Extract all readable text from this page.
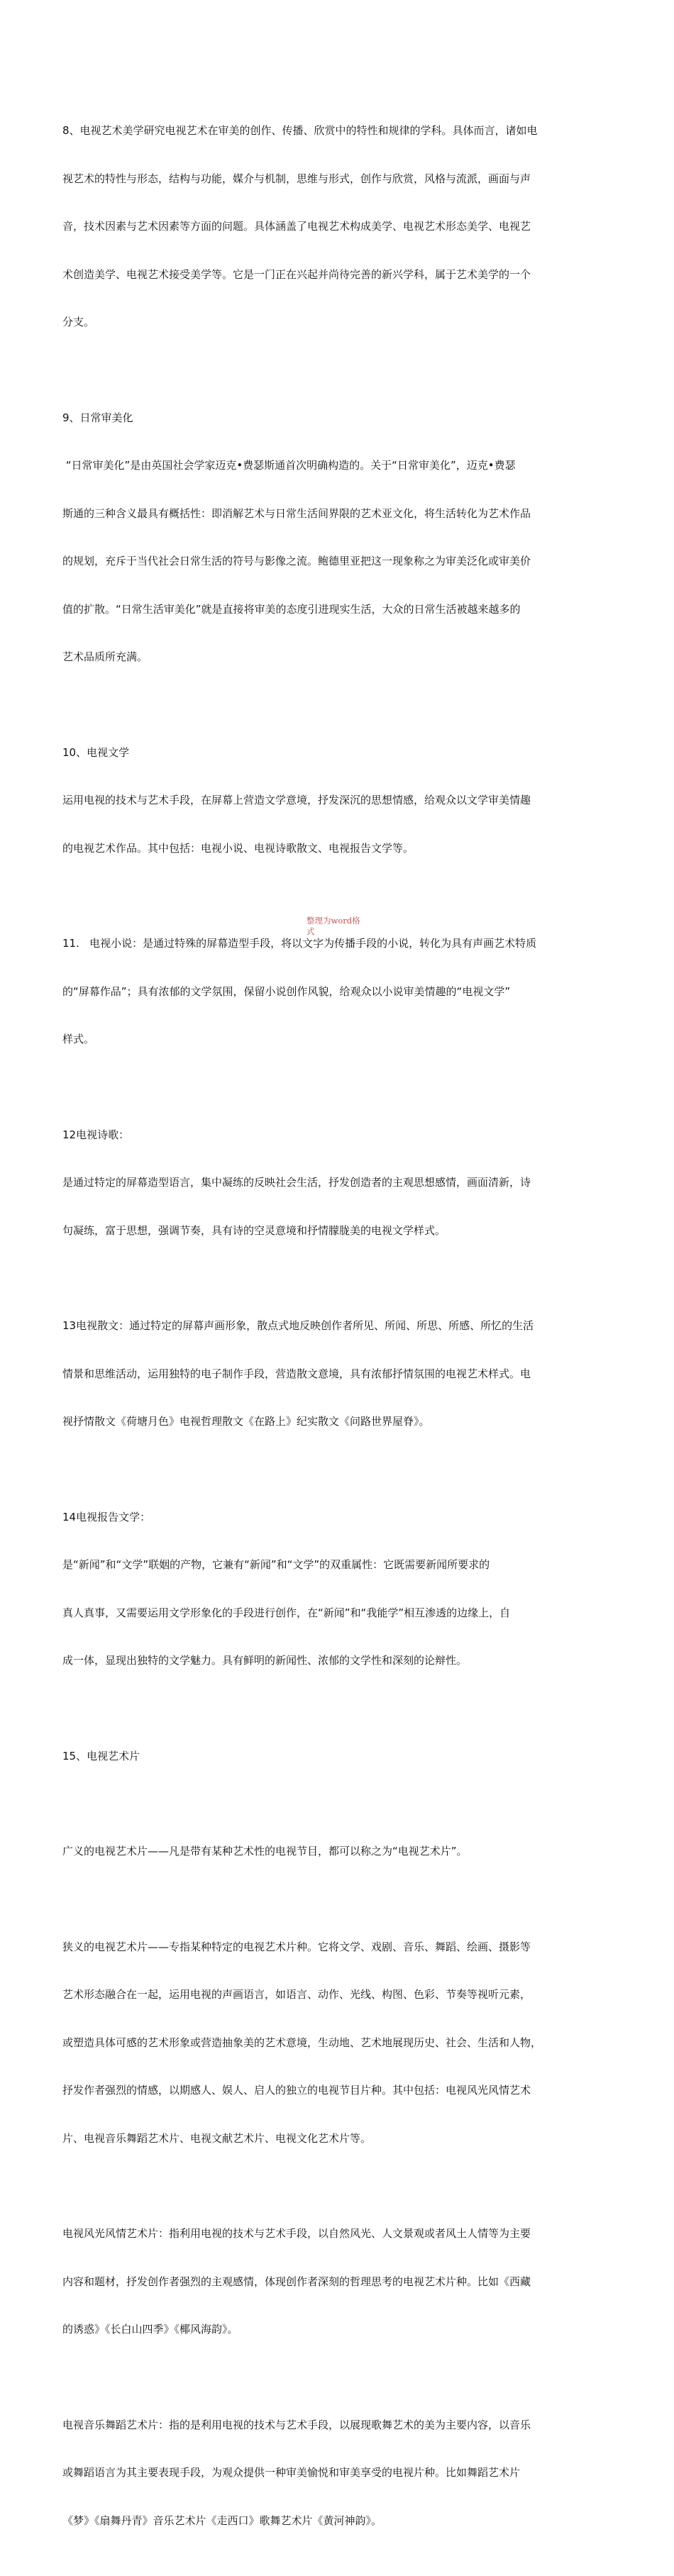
8、电视艺术美学研究电视艺术在审美的创作、传播、欣赏中的特性和规律的学科。具体而言，诸如电

视艺术的特性与形态，结构与功能，媒介与机制，思维与形式，创作与欣赏，风格与流派，画面与声

音，技术因素与艺术因素等方面的问题。具体涵盖了电视艺术构成美学、电视艺术形态美学、电视艺

术创造美学、电视艺术接受美学等。它是一门正在兴起并尚待完善的新兴学科，属于艺术美学的一个

分支。

9、日常审美化

“日常审美化”是由英国社会学家迈克•费瑟斯通首次明确构造的。关于“日常审美化”，迈克•费瑟

斯通的三种含义最具有概括性：即消解艺术与日常生活间界限的艺术亚文化，将生活转化为艺术作品

的规划，充斥于当代社会日常生活的符号与影像之流。鲍德里亚把这一现象称之为审美泛化或审美价

值的扩散。“日常生活审美化”就是直接将审美的态度引进现实生活，大众的日常生活被越来越多的

艺术品质所充满。

10、电视文学

运用电视的技术与艺术手段，在屏幕上营造文学意境，抒发深沉的思想情感，给观众以文学审美情趣

的电视艺术作品。其中包括：电视小说、电视诗歌散文、电视报告文学等。

11.   电视小说：是通过特殊的屏幕造型手段，将以文字为传播手段的小说，转化为具有声画艺术特质

的“屏幕作品”；具有浓郁的文学氛围，保留小说创作风貌，给观众以小说审美情趣的“电视文学”

样式。

12电视诗歌：

是通过特定的屏幕造型语言，集中凝练的反映社会生活，抒发创造者的主观思想感情，画面清新，诗

句凝练，富于思想，强调节奏，具有诗的空灵意境和抒情朦胧美的电视文学样式。

13电视散文：通过特定的屏幕声画形象，散点式地反映创作者所见、所闻、所思、所感、所忆的生活

情景和思维活动，运用独特的电子制作手段，营造散文意境，具有浓郁抒情氛围的电视艺术样式。电

视抒情散文《荷塘月色》电视哲理散文《在路上》纪实散文《问路世界屋脊》。

14电视报告文学：

是“新闻”和“文学”联姻的产物，它兼有“新闻”和“文学”的双重属性：它既需要新闻所要求的

真人真事，又需要运用文学形象化的手段进行创作，在“新闻”和“我能学”相互渗透的边缘上，自

成一体，显现出独特的文学魅力。具有鲜明的新闻性、浓郁的文学性和深刻的论辩性。

15、电视艺术片

广义的电视艺术片——凡是带有某种艺术性的电视节目，都可以称之为“电视艺术片”。

狭义的电视艺术片——专指某种特定的电视艺术片种。它将文学、戏剧、音乐、舞蹈、绘画、摄影等

艺术形态融合在一起，运用电视的声画语言，如语言、动作、光线、构图、色彩、节奏等视听元素，

或塑造具体可感的艺术形象或营造抽象美的艺术意境，生动地、艺术地展现历史、社会、生活和人物，

抒发作者强烈的情感，以期感人、娱人、启人的独立的电视节目片种。其中包括：电视风光风情艺术

片、电视音乐舞蹈艺术片、电视文献艺术片、电视文化艺术片等。

电视风光风情艺术片：指利用电视的技术与艺术手段，以自然风光、人文景观或者风土人情等为主要

内容和题材，抒发创作者强烈的主观感情，体现创作者深刻的哲理思考的电视艺术片种。比如《西藏

的诱惑》《长白山四季》《椰风海韵》。

电视音乐舞蹈艺术片：指的是利用电视的技术与艺术手段，以展现歌舞艺术的美为主要内容，以音乐

或舞蹈语言为其主要表现手段，为观众提供一种审美愉悦和审美享受的电视片种。比如舞蹈艺术片

《梦》《扇舞丹青》音乐艺术片《走西口》歌舞艺术片《黄河神韵》。

整理为word格
式
